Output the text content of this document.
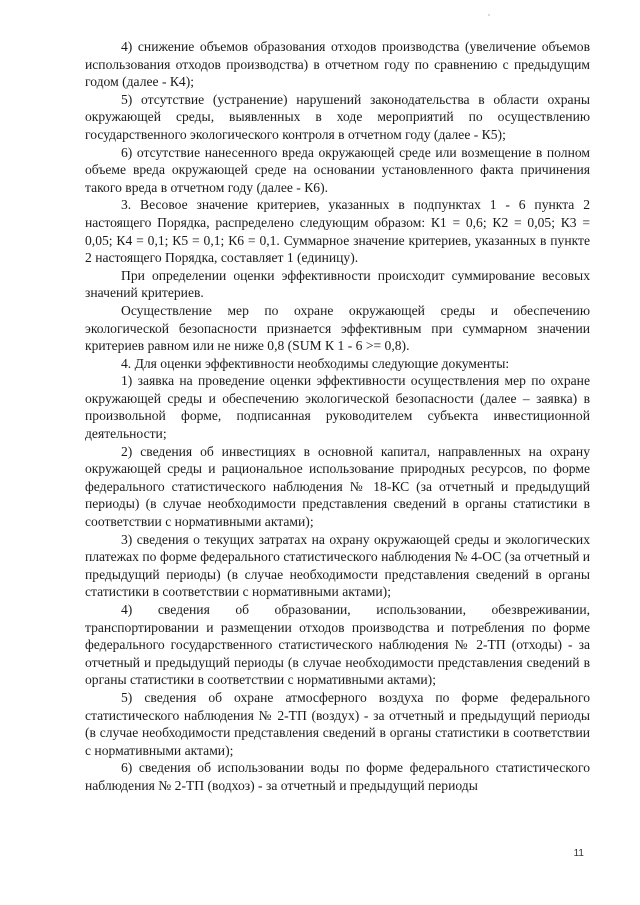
4) снижение объемов образования отходов производства (увеличение объемов использования отходов производства) в отчетном году по сравнению с предыдущим годом (далее - К4);

5) отсутствие (устранение) нарушений законодательства в области охраны окружающей среды, выявленных в ходе мероприятий по осуществлению государственного экологического контроля в отчетном году (далее - К5);

6) отсутствие нанесенного вреда окружающей среде или возмещение в полном объеме вреда окружающей среде на основании установленного факта причинения такого вреда в отчетном году (далее - К6).

3. Весовое значение критериев, указанных в подпунктах 1 - 6 пункта 2 настоящего Порядка, распределено следующим образом: К1 = 0,6; К2 = 0,05; К3 = 0,05; К4 = 0,1; К5 = 0,1; К6 = 0,1. Суммарное значение критериев, указанных в пункте 2 настоящего Порядка, составляет 1 (единицу).

При определении оценки эффективности происходит суммирование весовых значений критериев.

Осуществление мер по охране окружающей среды и обеспечению экологической безопасности признается эффективным при суммарном значении критериев равном или не ниже 0,8 (SUM К 1 - 6 >= 0,8).

4. Для оценки эффективности необходимы следующие документы:

1) заявка на проведение оценки эффективности осуществления мер по охране окружающей среды и обеспечению экологической безопасности (далее – заявка) в произвольной форме, подписанная руководителем субъекта инвестиционной деятельности;

2) сведения об инвестициях в основной капитал, направленных на охрану окружающей среды и рациональное использование природных ресурсов, по форме федерального статистического наблюдения № 18-КС (за отчетный и предыдущий периоды) (в случае необходимости представления сведений в органы статистики в соответствии с нормативными актами);

3) сведения о текущих затратах на охрану окружающей среды и экологических платежах по форме федерального статистического наблюдения № 4-ОС (за отчетный и предыдущий периоды) (в случае необходимости представления сведений в органы статистики в соответствии с нормативными актами);

4) сведения об образовании, использовании, обезвреживании, транспортировании и размещении отходов производства и потребления по форме федерального государственного статистического наблюдения № 2-ТП (отходы) - за отчетный и предыдущий периоды (в случае необходимости представления сведений в органы статистики в соответствии с нормативными актами);

5) сведения об охране атмосферного воздуха по форме федерального статистического наблюдения № 2-ТП (воздух) - за отчетный и предыдущий периоды (в случае необходимости представления сведений в органы статистики в соответствии с нормативными актами);

6) сведения об использовании воды по форме федерального статистического наблюдения № 2-ТП (водхоз) - за отчетный и предыдущий периоды

11
